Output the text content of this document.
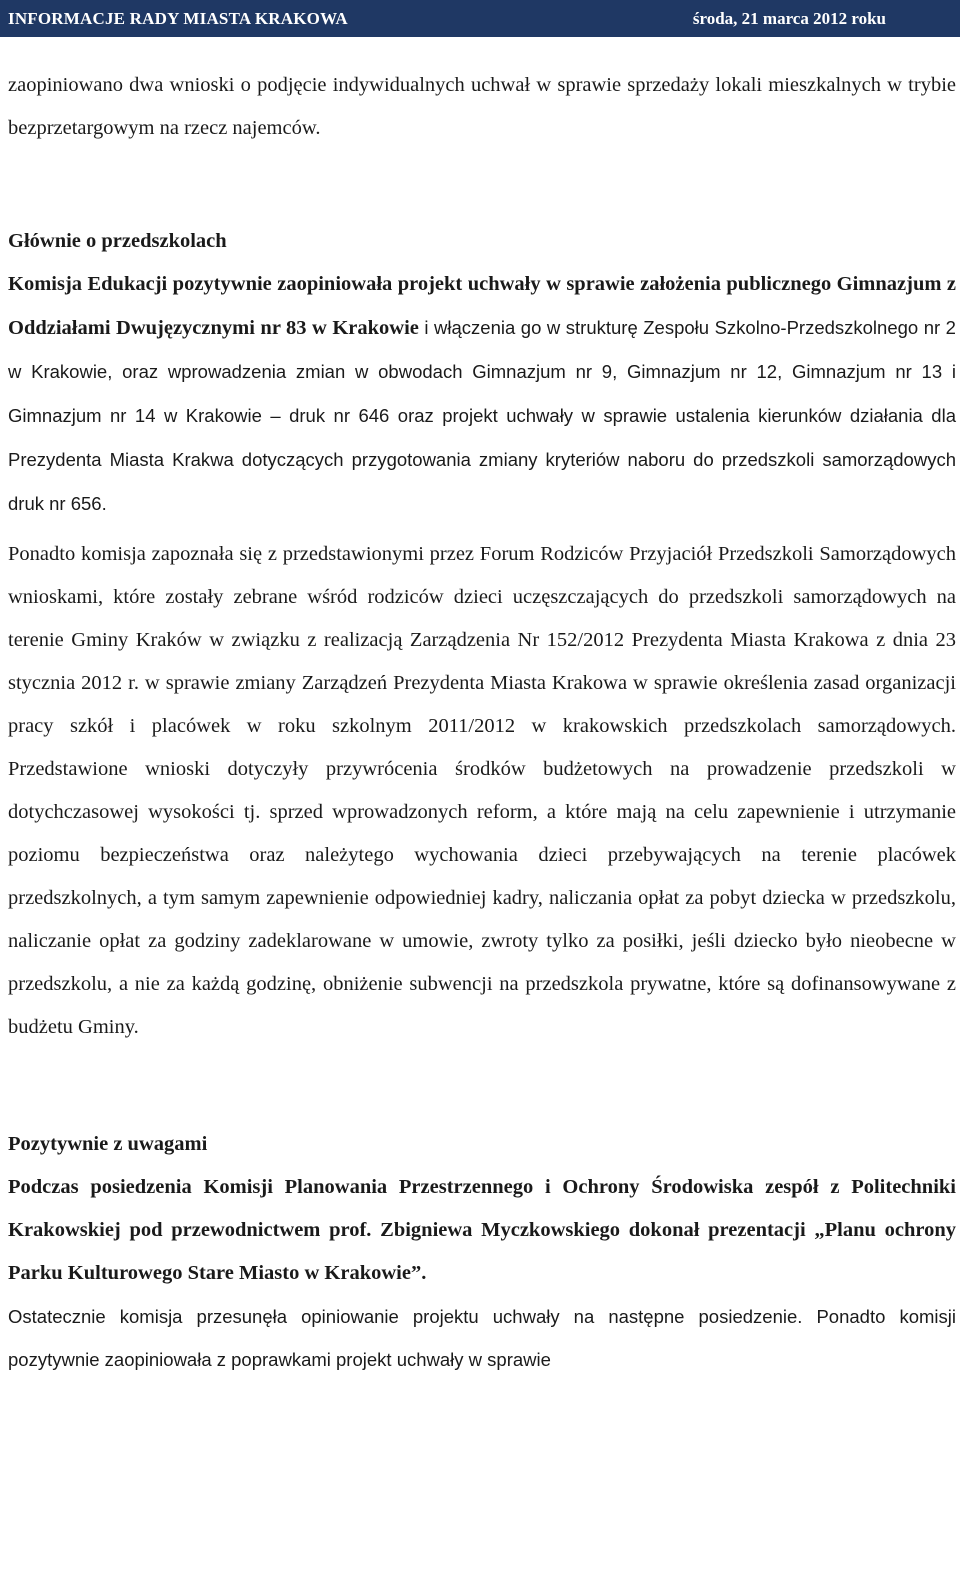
INFORMACJE RADY MIASTA KRAKOWA	środa, 21 marca 2012 roku

zaopiniowano dwa wnioski o podjęcie indywidualnych uchwał w sprawie sprzedaży lokali mieszkalnych w trybie bezprzetargowym na rzecz najemców.

Głównie o przedszkolach

Komisja Edukacji pozytywnie zaopiniowała projekt uchwały w sprawie założenia publicznego Gimnazjum z Oddziałami Dwujęzycznymi nr 83 w Krakowie i włączenia go w strukturę Zespołu Szkolno-Przedszkolnego nr 2 w Krakowie, oraz wprowadzenia zmian w obwodach Gimnazjum nr 9, Gimnazjum nr 12, Gimnazjum nr 13 i Gimnazjum nr 14 w Krakowie – druk nr 646 oraz projekt uchwały w sprawie ustalenia kierunków działania dla Prezydenta Miasta Krakwa dotyczących przygotowania zmiany kryteriów naboru do przedszkoli samorządowych druk nr 656.

Ponadto komisja zapoznała się z przedstawionymi przez Forum Rodziców Przyjaciół Przedszkoli Samorządowych wnioskami, które zostały zebrane wśród rodziców dzieci uczęszczających do przedszkoli samorządowych na terenie Gminy Kraków w związku z realizacją Zarządzenia Nr 152/2012 Prezydenta Miasta Krakowa z dnia 23 stycznia 2012 r. w sprawie zmiany Zarządzeń Prezydenta Miasta Krakowa w sprawie określenia zasad organizacji pracy szkół i placówek w roku szkolnym 2011/2012 w krakowskich przedszkolach samorządowych. Przedstawione wnioski dotyczyły przywrócenia środków budżetowych na prowadzenie przedszkoli w dotychczasowej wysokości tj. sprzed wprowadzonych reform, a które mają na celu zapewnienie i utrzymanie poziomu bezpieczeństwa oraz należytego wychowania dzieci przebywających na terenie placówek przedszkolnych, a tym samym zapewnienie odpowiedniej kadry, naliczania opłat za pobyt dziecka w przedszkolu, naliczanie opłat za godziny zadeklarowane w umowie, zwroty tylko za posiłki, jeśli dziecko było nieobecne w przedszkolu, a nie za każdą godzinę, obniżenie subwencji na przedszkola prywatne, które są dofinansowywane z budżetu Gminy.

Pozytywnie z uwagami

Podczas posiedzenia Komisji Planowania Przestrzennego i Ochrony Środowiska zespół z Politechniki Krakowskiej pod przewodnictwem prof. Zbigniewa Myczkowskiego dokonał prezentacji „Planu ochrony Parku Kulturowego Stare Miasto w Krakowie”.

Ostatecznie komisja przesunęła opiniowanie projektu uchwały na następne posiedzenie. Ponadto komisji pozytywnie zaopiniowała z poprawkami projekt uchwały w sprawie
